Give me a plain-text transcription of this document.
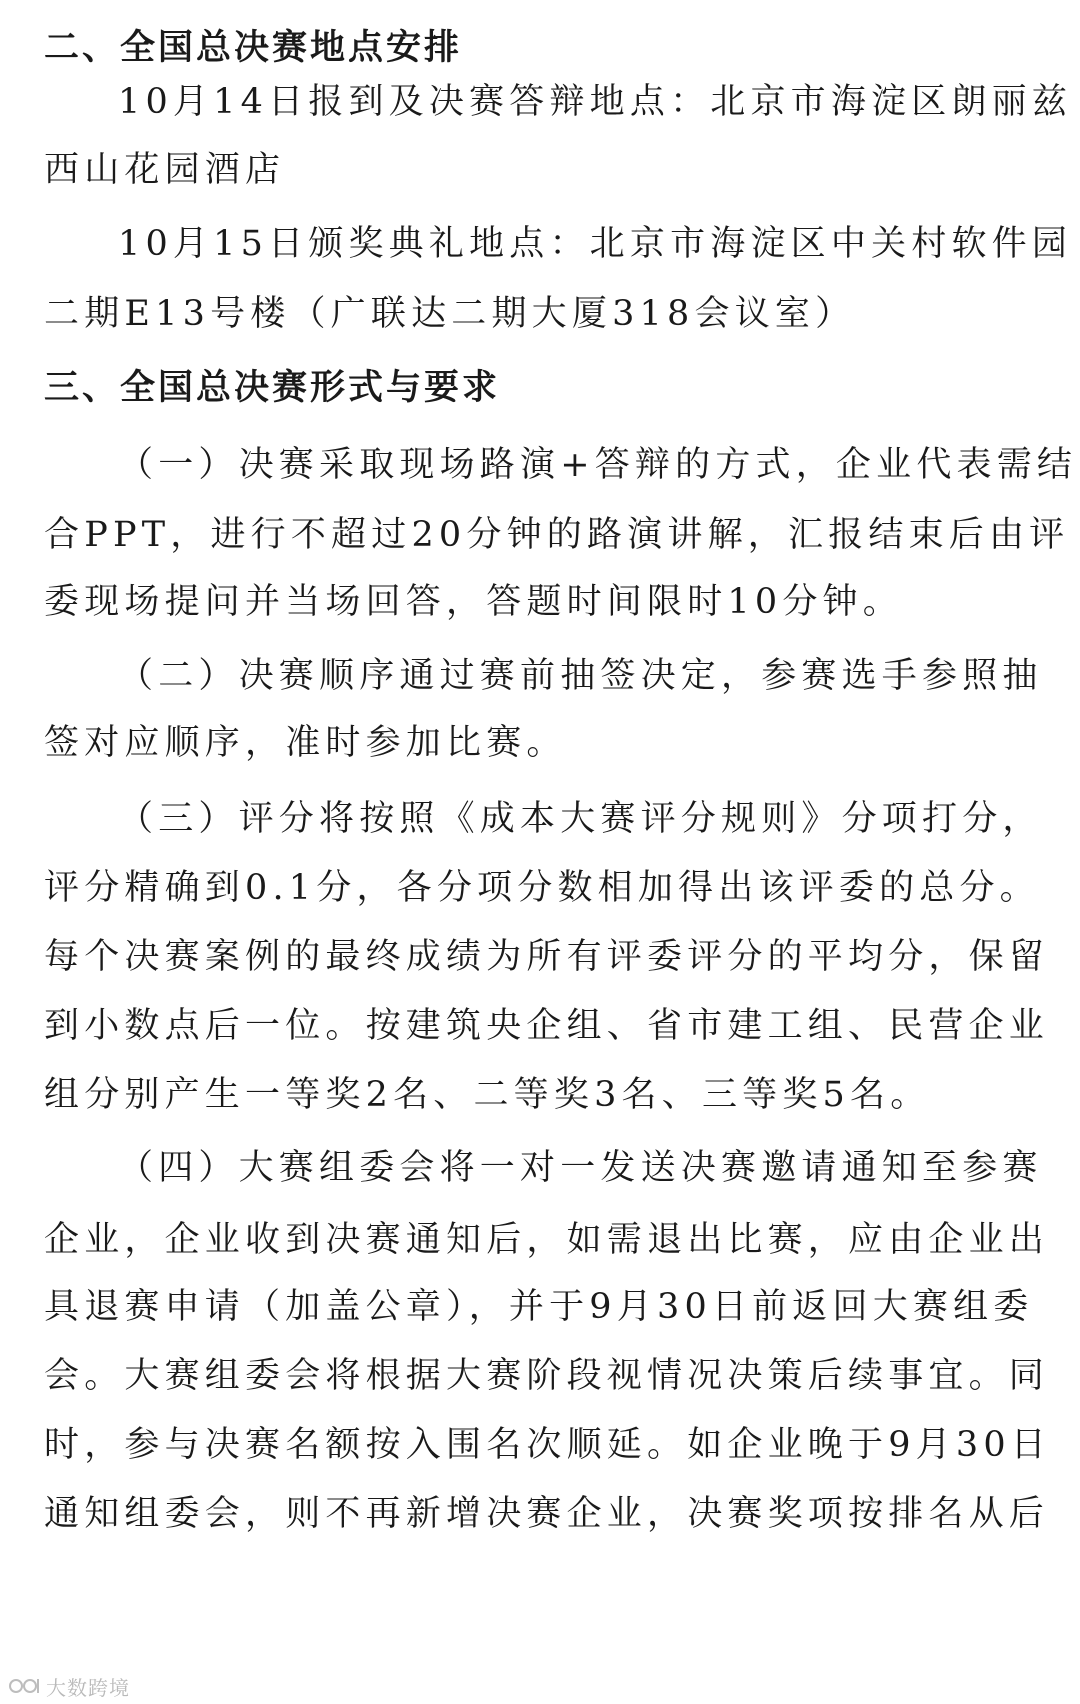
二、全国总决赛地点安排
10月14日报到及决赛答辩地点：北京市海淀区朗丽兹
西山花园酒店
10月15日颁奖典礼地点：北京市海淀区中关村软件园
二期E13号楼（广联达二期大厦318会议室）
三、全国总决赛形式与要求
（一）决赛采取现场路演+答辩的方式，企业代表需结
合PPT，进行不超过20分钟的路演讲解，汇报结束后由评
委现场提问并当场回答，答题时间限时10分钟。
（二）决赛顺序通过赛前抽签决定，参赛选手参照抽
签对应顺序，准时参加比赛。
（三）评分将按照《成本大赛评分规则》分项打分，
评分精确到0.1分，各分项分数相加得出该评委的总分。
每个决赛案例的最终成绩为所有评委评分的平均分，保留
到小数点后一位。按建筑央企组、省市建工组、民营企业
组分别产生一等奖2名、二等奖3名、三等奖5名。
（四）大赛组委会将一对一发送决赛邀请通知至参赛
企业，企业收到决赛通知后，如需退出比赛，应由企业出
具退赛申请（加盖公章），并于9月30日前返回大赛组委
会。大赛组委会将根据大赛阶段视情况决策后续事宜。同
时，参与决赛名额按入围名次顺延。如企业晚于9月30日
通知组委会，则不再新增决赛企业，决赛奖项按排名从后
大数跨境
